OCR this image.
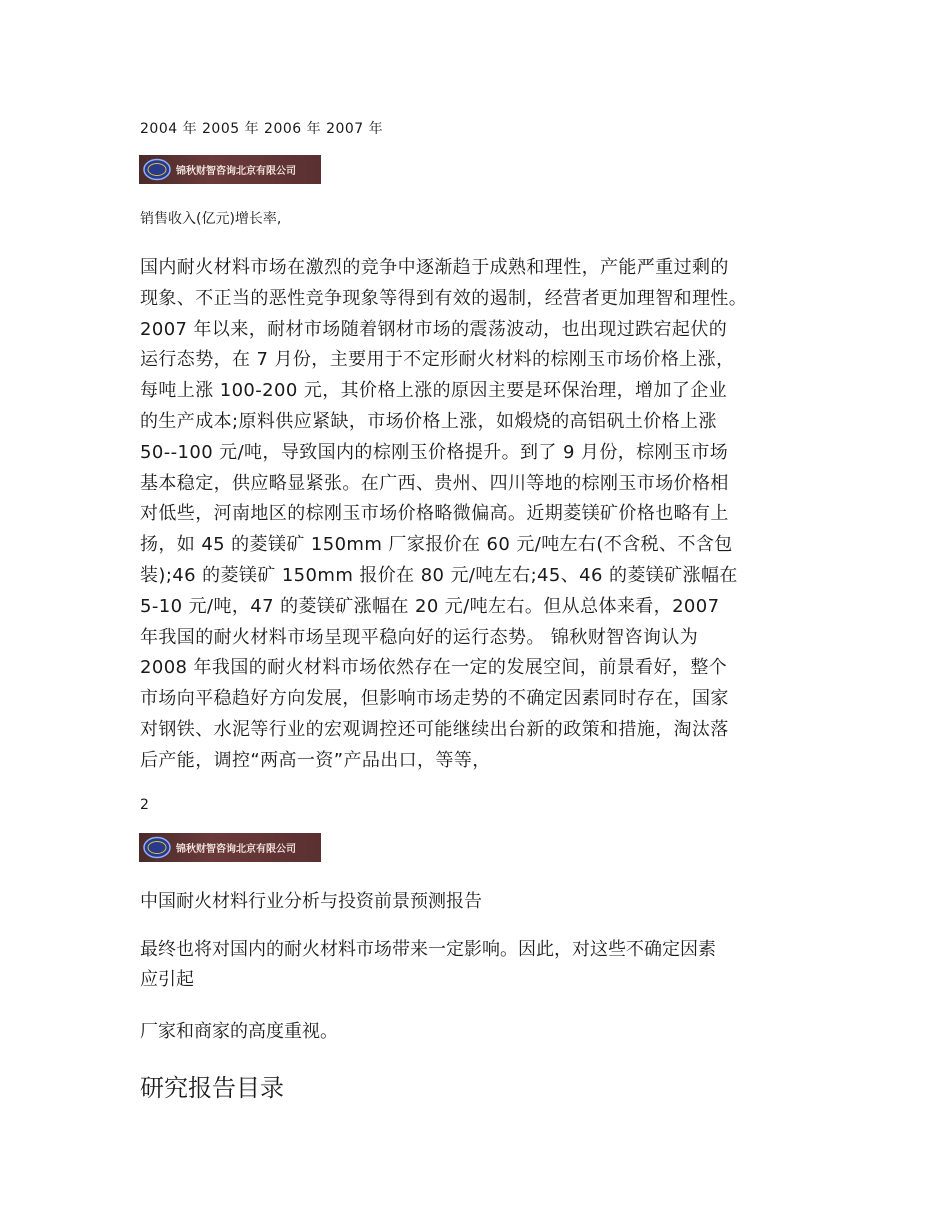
2004 年 2005 年 2006 年 2007 年
锦秋财智咨询北京有限公司
销售收入(亿元)增长率,
国内耐火材料市场在激烈的竞争中逐渐趋于成熟和理性，产能严重过剩的
现象、不正当的恶性竞争现象等得到有效的遏制，经营者更加理智和理性。
2007 年以来，耐材市场随着钢材市场的震荡波动，也出现过跌宕起伏的
运行态势，在 7 月份，主要用于不定形耐火材料的棕刚玉市场价格上涨，
每吨上涨 100-200 元，其价格上涨的原因主要是环保治理，增加了企业
的生产成本;原料供应紧缺，市场价格上涨，如煅烧的高铝矾土价格上涨
50--100 元/吨，导致国内的棕刚玉价格提升。到了 9 月份，棕刚玉市场
基本稳定，供应略显紧张。在广西、贵州、四川等地的棕刚玉市场价格相
对低些，河南地区的棕刚玉市场价格略微偏高。近期菱镁矿价格也略有上
扬，如 45 的菱镁矿 150mm 厂家报价在 60 元/吨左右(不含税、不含包
装);46 的菱镁矿 150mm 报价在 80 元/吨左右;45、46 的菱镁矿涨幅在
5-10 元/吨，47 的菱镁矿涨幅在 20 元/吨左右。但从总体来看，2007
年我国的耐火材料市场呈现平稳向好的运行态势。 锦秋财智咨询认为
2008 年我国的耐火材料市场依然存在一定的发展空间，前景看好，整个
市场向平稳趋好方向发展，但影响市场走势的不确定因素同时存在，国家
对钢铁、水泥等行业的宏观调控还可能继续出台新的政策和措施，淘汰落
后产能，调控“两高一资”产品出口，等等，
2
锦秋财智咨询北京有限公司
中国耐火材料行业分析与投资前景预测报告
最终也将对国内的耐火材料市场带来一定影响。因此，对这些不确定因素
应引起
厂家和商家的高度重视。
研究报告目录
